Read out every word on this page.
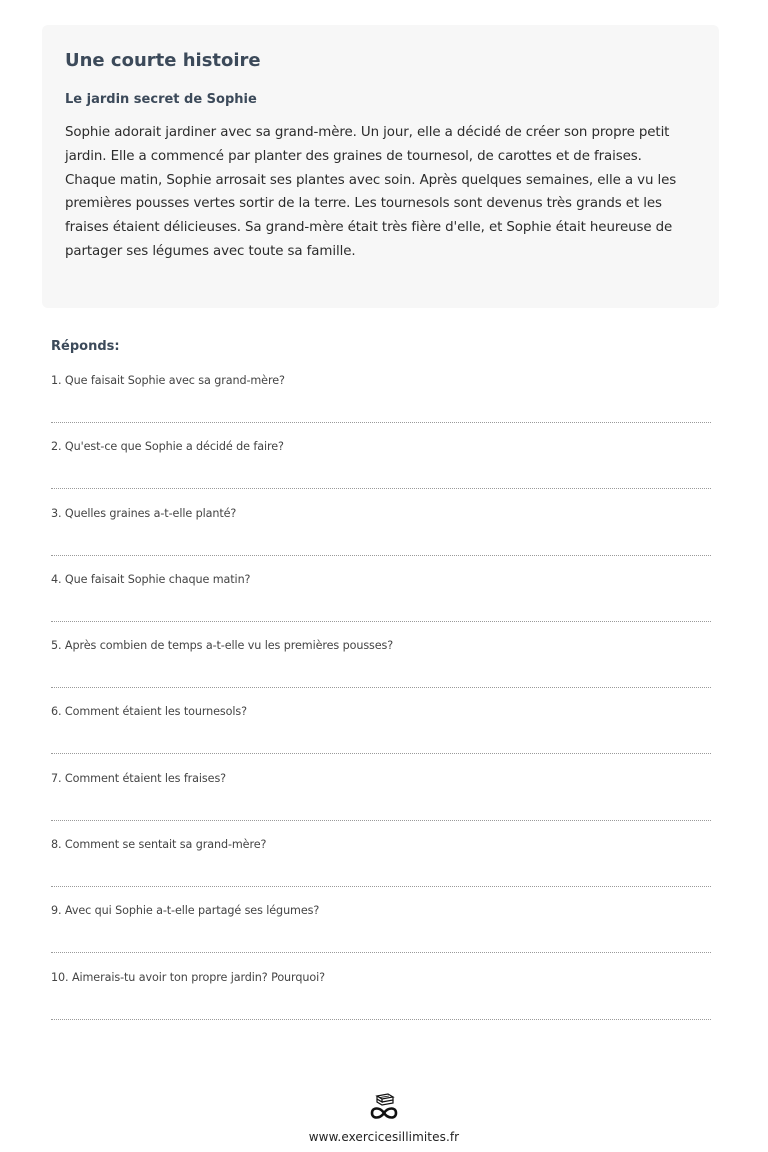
Une courte histoire
Le jardin secret de Sophie

Sophie adorait jardiner avec sa grand-mère. Un jour, elle a décidé de créer son propre petit jardin. Elle a commencé par planter des graines de tournesol, de carottes et de fraises. Chaque matin, Sophie arrosait ses plantes avec soin. Après quelques semaines, elle a vu les premières pousses vertes sortir de la terre. Les tournesols sont devenus très grands et les fraises étaient délicieuses. Sa grand-mère était très fière d'elle, et Sophie était heureuse de partager ses légumes avec toute sa famille.

Réponds:
1. Que faisait Sophie avec sa grand-mère?
2. Qu'est-ce que Sophie a décidé de faire?
3. Quelles graines a-t-elle planté?
4. Que faisait Sophie chaque matin?
5. Après combien de temps a-t-elle vu les premières pousses?
6. Comment étaient les tournesols?
7. Comment étaient les fraises?
8. Comment se sentait sa grand-mère?
9. Avec qui Sophie a-t-elle partagé ses légumes?
10. Aimerais-tu avoir ton propre jardin? Pourquoi?
www.exercicesillimites.fr
